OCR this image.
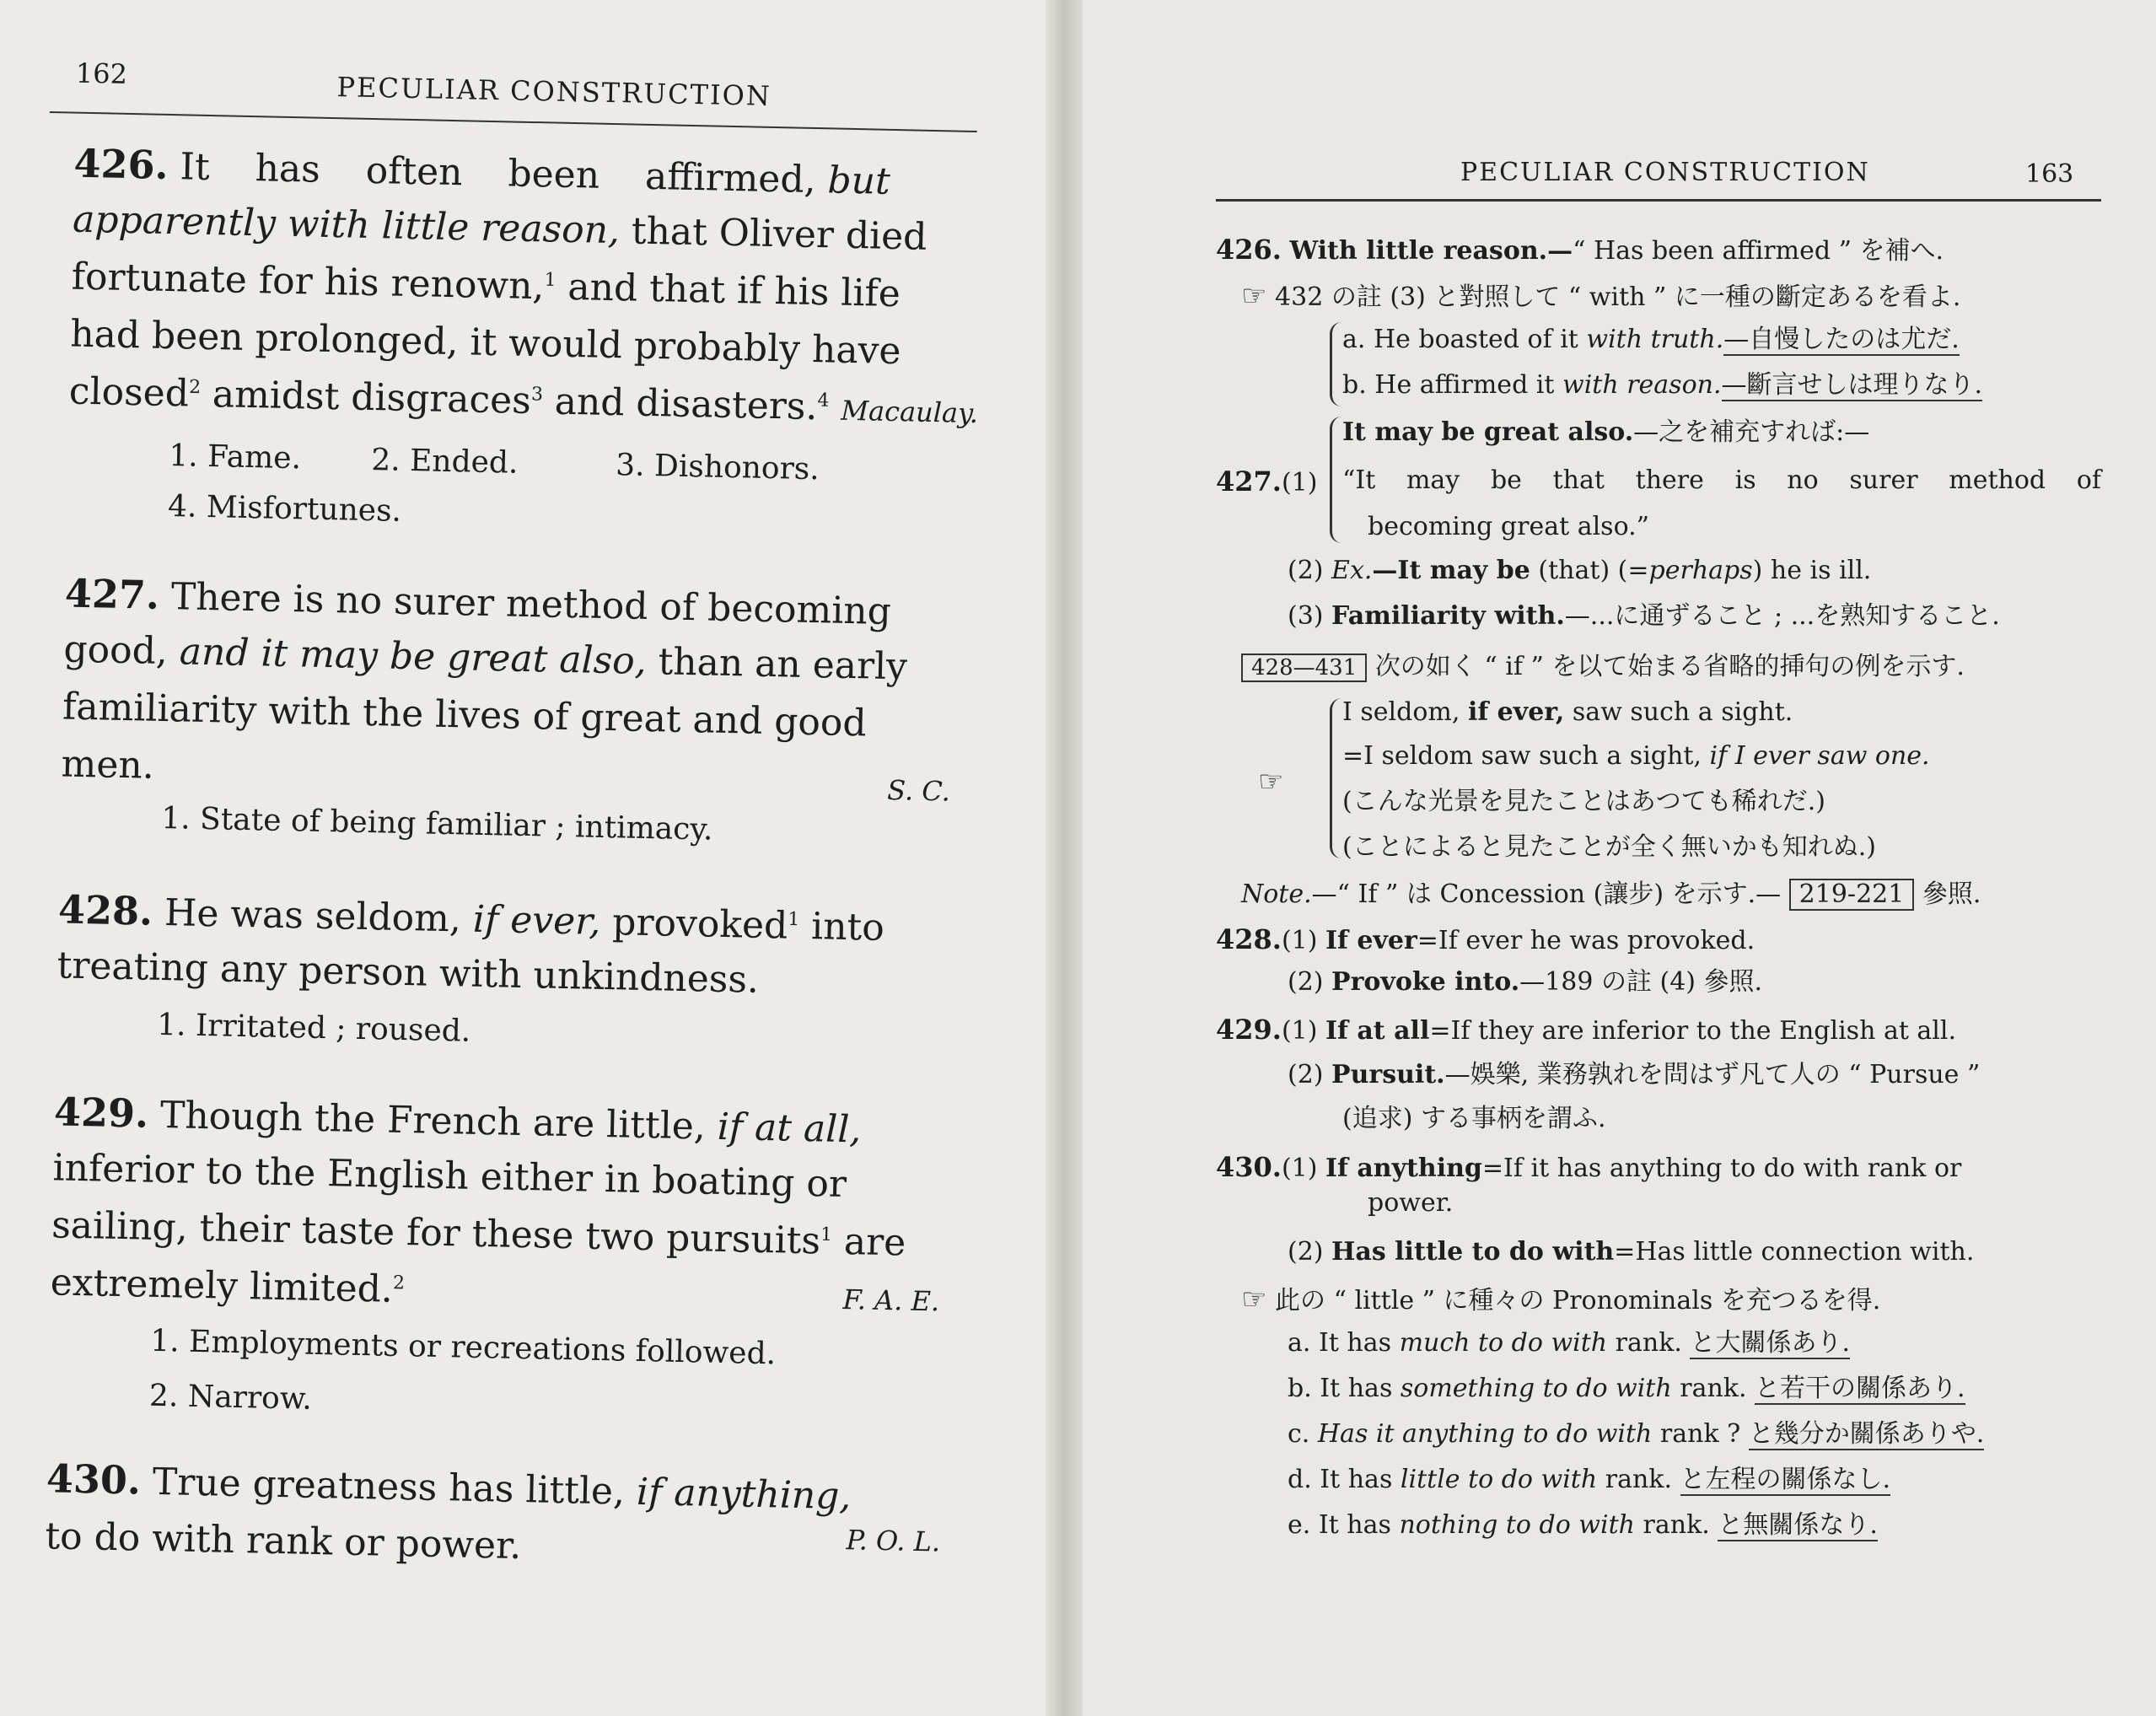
162	PECULIAR CONSTRUCTION
426. It has often been affirmed, but
apparently with little reason, that Oliver died
fortunate for his renown,$^1$ and that if his life
had been prolonged, it would probably have
closed$^2$ amidst disgraces$^3$ and disasters.$^4$ Macaulay.
1. Fame. 2. Ended.	3. Dishonors.
4. Misfortunes.
427. There is no surer method of becoming
good, and it may be great also, than an early
familiarity with the lives of great and good
men.
S. C.
1. State of being familiar ; intimacy.
428. He was seldom, if ever, provoked$^1$ into
treating any person with unkindness.
1. Irritated ; roused.
429. Though the French are little, if at all,
inferior to the English either in boating or
sailing, their taste for these two pursuits$^1$ are
extremely limited.$^2$
F. A. E.
1. Employments or recreations followed.
2. Narrow.
430. True greatness has little, if anything,
to do with rank or power.	P. O. L.
PECULIAR CONSTRUCTION	163
426. With little reason.—“ Has been affirmed ” を補へ.
☞ 432 の註 (3) と對照して “ with ” に一種の斷定あるを看よ.
a. He boasted of it with truth.—自慢したのは尤だ.
b. He affirmed it with reason.—斷言せしは理りなり.
427.(1)
It may be great also.—之を補充すれば:—
“It may be that there is no surer method of
becoming great also.”
(2) Ex.—It may be (that) (=perhaps) he is ill.
(3) Familiarity with.—...に通ずること ; ...を熟知すること.
428—431 次の如く “ if ” を以て始まる省略的挿句の例を示す.
☞
I seldom, if ever, saw such a sight.
=I seldom saw such a sight, if I ever saw one.
(こんな光景を見たことはあつても稀れだ.)
(ことによると見たことが全く無いかも知れぬ.)
Note.—“ If ” は Concession (讓步) を示す.— 219-221 參照.
428.(1) If ever=If ever he was provoked.
(2) Provoke into.—189 の註 (4) 參照.
429.(1) If at all=If they are inferior to the English at all.
(2) Pursuit.—娛樂, 業務孰れを問はず凡て人の “ Pursue ”
(追求) する事柄を謂ふ.
430.(1) If anything=If it has anything to do with rank or
power.
(2) Has little to do with=Has little connection with.
☞ 此の “ little ” に種々の Pronominals を充つるを得.
a. It has much to do with rank. と大關係あり.
b. It has something to do with rank. と若干の關係あり.
c. Has it anything to do with rank ? と幾分か關係ありや.
d. It has little to do with rank. と左程の關係なし.
e. It has nothing to do with rank. と無關係なり.
